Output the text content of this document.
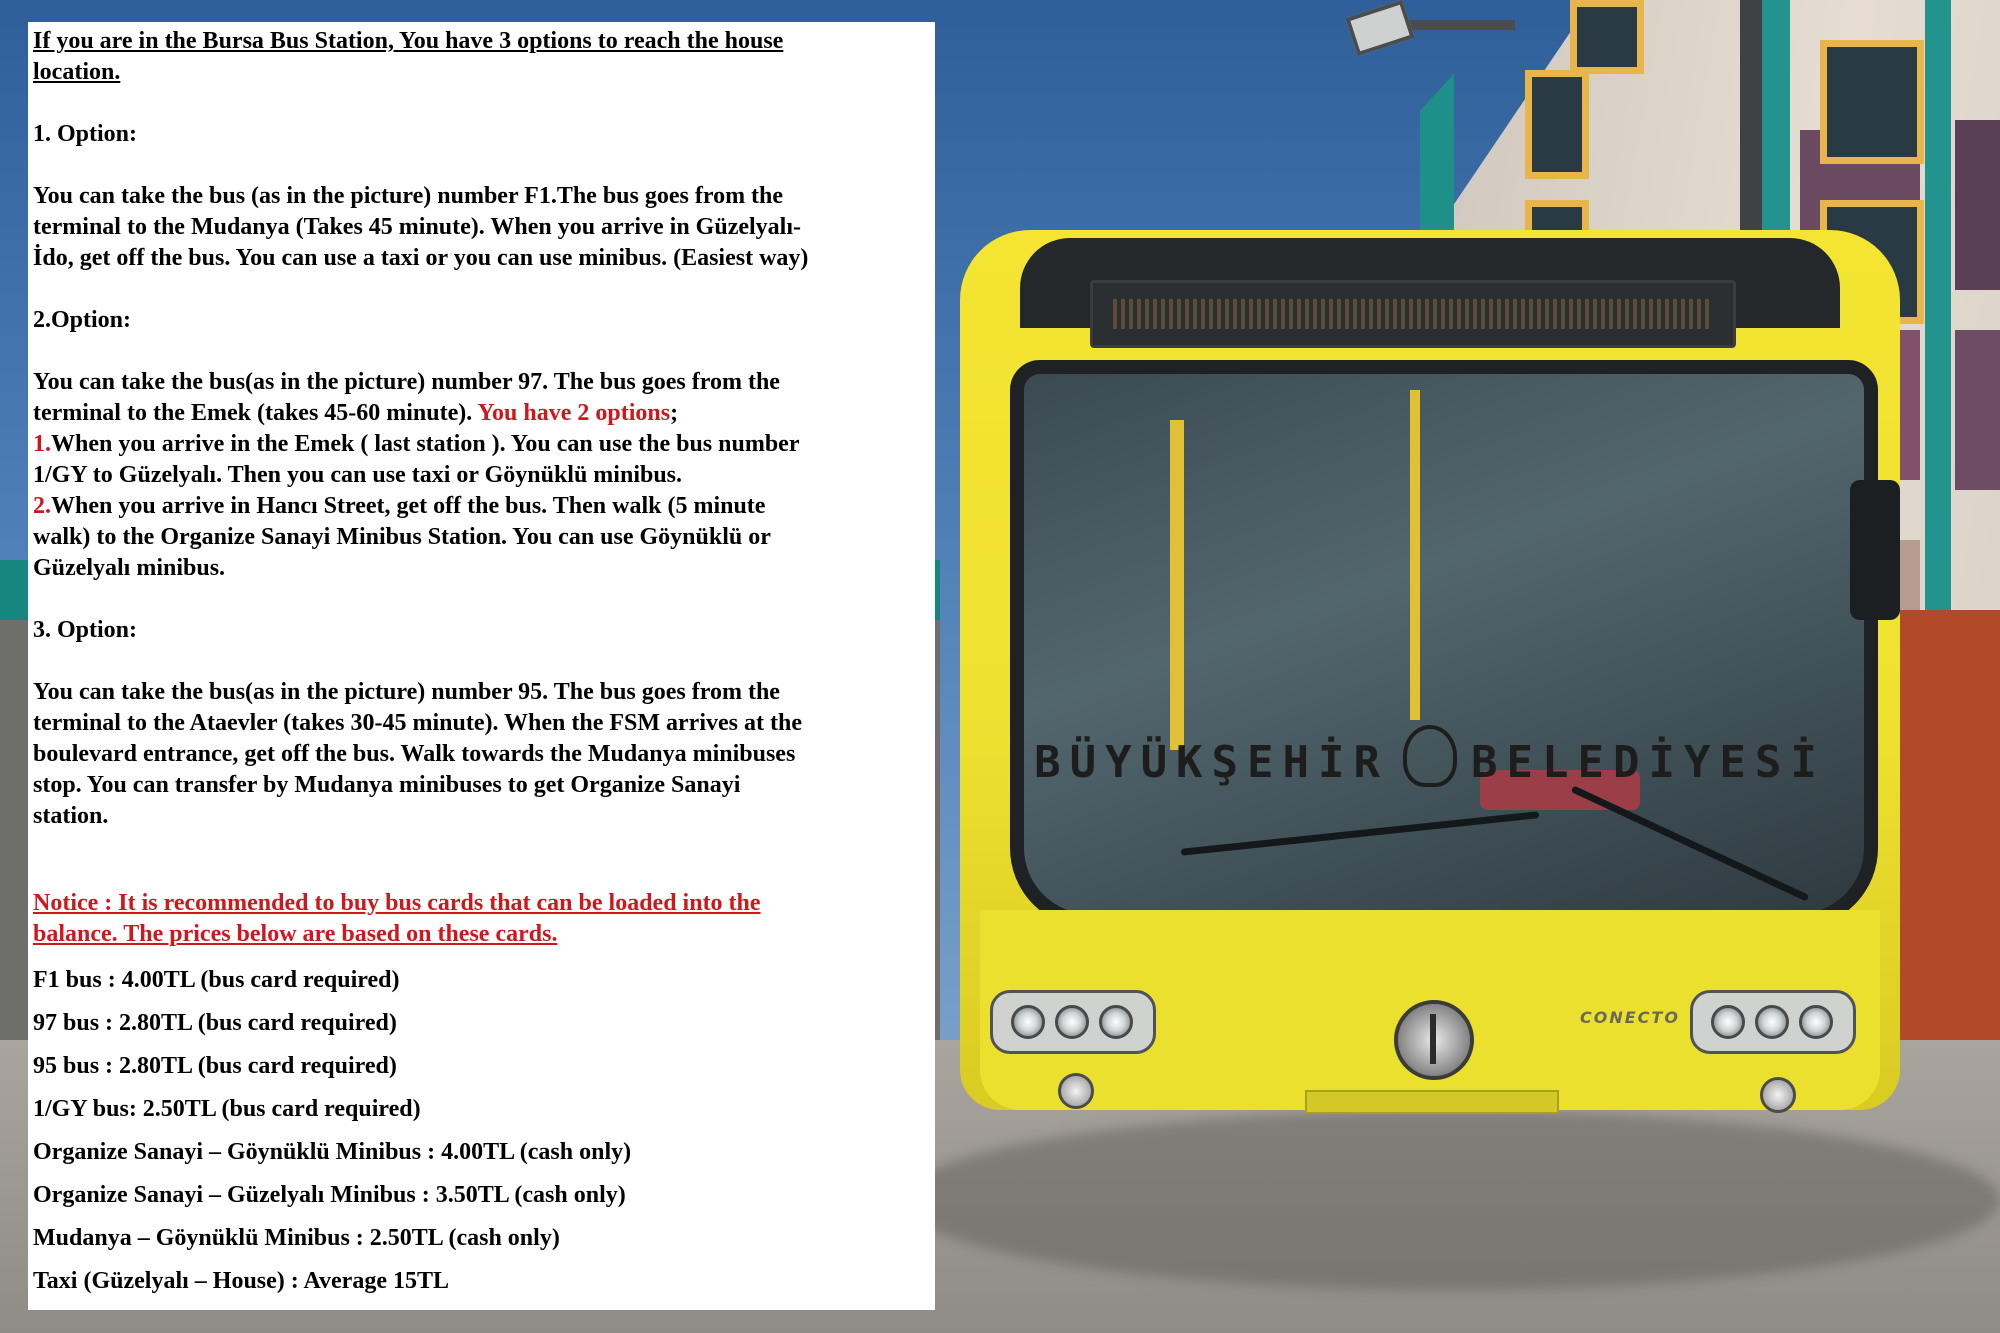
BÜYÜKŞEHİR BELEDİYESİ
CONECTO

If you are in the Bursa Bus Station, You have 3 options to reach the house

location.

1. Option:

You can take the bus (as in the picture) number F1.The bus goes from the

terminal to the Mudanya (Takes 45 minute). When you arrive in Güzelyalı-

İdo, get off the bus. You can use a taxi or you can use minibus. (Easiest way)

2.Option:

You can take the bus(as in the picture) number 97. The bus goes from the

terminal to the Emek (takes 45-60 minute). You have 2 options;

1.When you arrive in the Emek ( last station ). You can use the bus number

1/GY to Güzelyalı. Then you can use taxi or Göynüklü minibus.

2.When you arrive in Hancı Street, get off the bus. Then walk (5 minute

walk) to the Organize Sanayi Minibus Station. You can use Göynüklü or

Güzelyalı minibus.

3. Option:

You can take the bus(as in the picture) number 95. The bus goes from the

terminal to the Ataevler (takes 30-45 minute). When the FSM arrives at the

boulevard entrance, get off the bus. Walk towards the Mudanya minibuses

stop. You can transfer by Mudanya minibuses to get Organize Sanayi

station.

Notice : It is recommended to buy bus cards that can be loaded into the

balance. The prices below are based on these cards.

F1 bus : 4.00TL (bus card required)

97 bus : 2.80TL (bus card required)

95 bus : 2.80TL (bus card required)

1/GY bus: 2.50TL (bus card required)

Organize Sanayi – Göynüklü Minibus : 4.00TL (cash only)

Organize Sanayi – Güzelyalı Minibus : 3.50TL (cash only)

Mudanya – Göynüklü Minibus : 2.50TL (cash only)

Taxi (Güzelyalı – House) : Average 15TL
